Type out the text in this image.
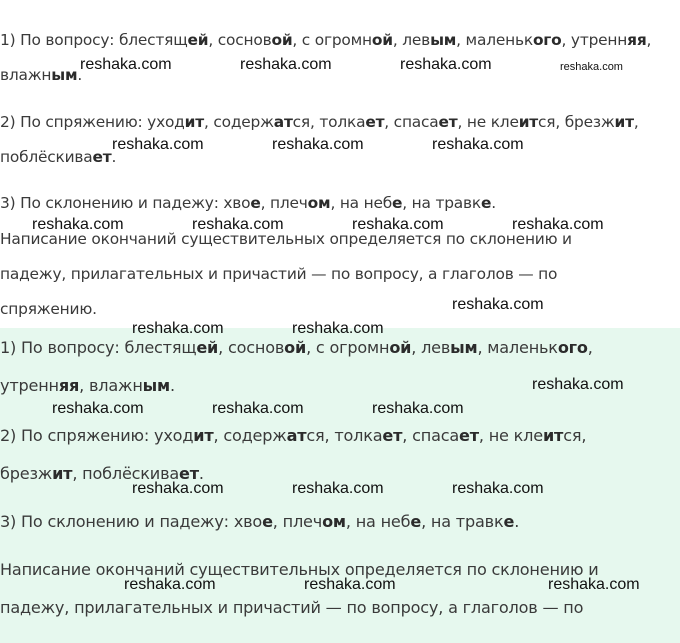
1) По вопросу: блестящей, сосновой, с огромной, левым, маленького, утренняя,
влажным.
2) По спряжению: уходит, содержатся, толкает, спасает, не клеится, брезжит,
поблёскивает.
3) По склонению и падежу: хвое, плечом, на небе, на травке.
Написание окончаний существительных определяется по склонению и
падежу, прилагательных и причастий — по вопросу, а глаголов — по
спряжению.
1) По вопросу: блестящей, сосновой, с огромной, левым, маленького,
утренняя, влажным.
2) По спряжению: уходит, содержатся, толкает, спасает, не клеится,
брезжит, поблёскивает.
3) По склонению и падежу: хвое, плечом, на небе, на травке.
Написание окончаний существительных определяется по склонению и
падежу, прилагательных и причастий — по вопросу, а глаголов — по
reshaka.com	reshaka.com	reshaka.com	reshaka.com
reshaka.com	reshaka.com	reshaka.com
reshaka.com	reshaka.com	reshaka.com	reshaka.com
reshaka.com
reshaka.com	reshaka.com
reshaka.com
reshaka.com	reshaka.com	reshaka.com
reshaka.com	reshaka.com	reshaka.com
reshaka.com	reshaka.com	reshaka.com
